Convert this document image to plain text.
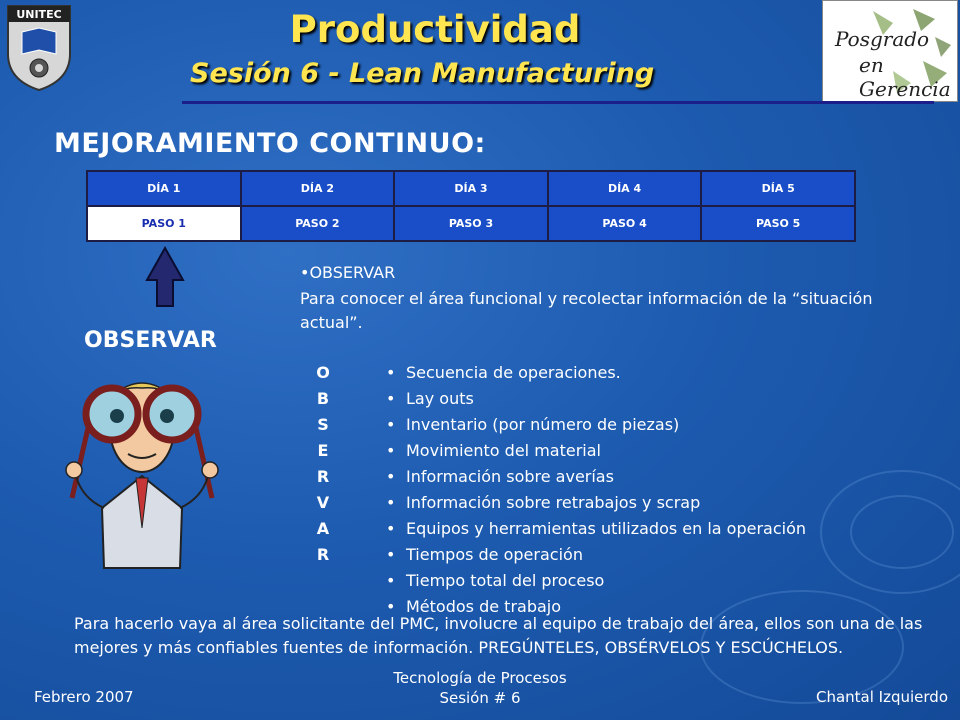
UNITEC
Posgrado
en Gerencia
Productividad
Sesión 6 - Lean Manufacturing
MEJORAMIENTO CONTINUO:
DÍA 1	DÍA 2	DÍA 3	DÍA 4	DÍA 5
PASO 1	PASO 2	PASO 3	PASO 4	PASO 5
OBSERVAR
•OBSERVAR
Para conocer el área funcional y recolectar información de la “situación actual”.
O
B
S
E
R
V
A
R
• Secuencia de operaciones.
• Lay outs
• Inventario (por número de piezas)
• Movimiento del material
• Información sobre averías
• Información sobre retrabajos y scrap
• Equipos y herramientas utilizados en la operación
• Tiempos de operación
• Tiempo total del proceso
• Métodos de trabajo
Para hacerlo vaya al área solicitante del PMC, involucre al equipo de trabajo del área, ellos son una de las mejores y más confiables fuentes de información. PREGÚNTELES, OBSÉRVELOS Y ESCÚCHELOS.
Febrero 2007
Tecnología de Procesos
Sesión # 6	Chantal Izquierdo
